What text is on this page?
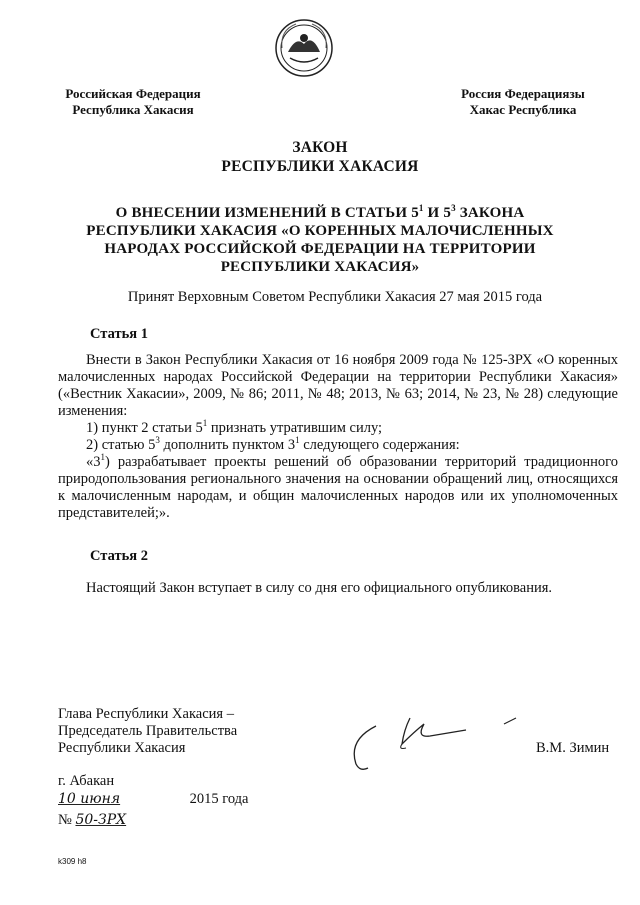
Российская Федерация
Республика Хакасия
Россия Федерациязы
Хакас Республика
ЗАКОН
РЕСПУБЛИКИ ХАКАСИЯ
О ВНЕСЕНИИ ИЗМЕНЕНИЙ В СТАТЬИ $5^1$ И $5^3$ ЗАКОНА
РЕСПУБЛИКИ ХАКАСИЯ «О КОРЕННЫХ МАЛОЧИСЛЕННЫХ
НАРОДАХ РОССИЙСКОЙ ФЕДЕРАЦИИ НА ТЕРРИТОРИИ
РЕСПУБЛИКИ ХАКАСИЯ»
Принят Верховным Советом Республики Хакасия 27 мая 2015 года
Статья 1

Внести в Закон Республики Хакасия от 16 ноября 2009 года № 125-ЗРХ «О коренных малочисленных народах Российской Федерации на территории Республики Хакасия» («Вестник Хакасии», 2009, № 86; 2011, № 48; 2013, № 63; 2014, № 23, № 28) следующие изменения:

1) пункт 2 статьи $5^1$ признать утратившим силу;

2) статью $5^3$ дополнить пунктом $3^1$ следующего содержания:

«$3^1$) разрабатывает проекты решений об образовании территорий традиционного природопользования регионального значения на основании обращений лиц, относящихся к малочисленным народам, и общин малочисленных народов или их уполномоченных представителей;».

Статья 2

Настоящий Закон вступает в силу со дня его официального опубликования.

Глава Республики Хакасия –
Председатель Правительства
Республики Хакасия	В.М. Зимин
г. Абакан
10 июня	2015 года
№ 50-ЗРХ
k309 h8
